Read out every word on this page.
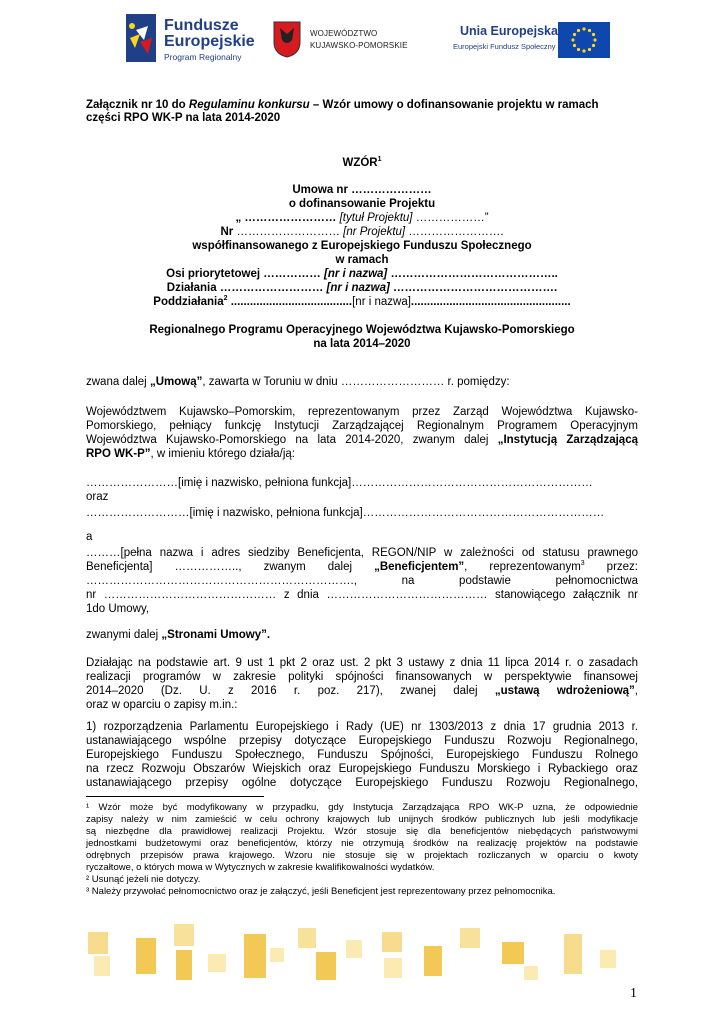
Fundusze
Europejskie
Program Regionalny
WOJEWÓDZTWO
KUJAWSKO-POMORSKIE
Unia Europejska
Europejski Fundusz Społeczny
Załącznik nr 10 do Regulaminu konkursu – Wzór umowy o dofinansowanie projektu w ramach
części RPO WK-P na lata 2014-2020
WZÓR$^1$
Umowa nr …………………
o dofinansowanie Projektu
„ …………………… [tytuł Projektu] ………………”
Nr ……………………… [nr Projektu] …………………….
współfinansowanego z Europejskiego Funduszu Społecznego
w ramach
Osi priorytetowej …………… [nr i nazwa] ……………………………………..
Działania ……………………… [nr i nazwa] …………………………………….
Poddziałania$^2$ ......................................[nr i nazwa]..................................................
Regionalnego Programu Operacyjnego Województwa Kujawsko-Pomorskiego
na lata 2014–2020
zwana dalej „Umową”, zawarta w Toruniu w dniu ……………………… r. pomiędzy:
Województwem Kujawsko–Pomorskim, reprezentowanym przez Zarząd Województwa Kujawsko-
Pomorskiego, pełniący funkcję Instytucji Zarządzającej Regionalnym Programem Operacyjnym
Województwa Kujawsko-Pomorskiego na lata 2014-2020, zwanym dalej „Instytucją Zarządzającą
RPO WK-P”, w imieniu którego działa/ją:
……………………[imię i nazwisko, pełniona funkcja]………………………………………………………
oraz
………………………[imię i nazwisko, pełniona funkcja]………………………………………………………
a
………[pełna nazwa i adres siedziby Beneficjenta, REGON/NIP w zależności od statusu prawnego
Beneficjenta] …………….., zwanym dalej „Beneficjentem”, reprezentowanym$^3$ przez:
……………………………………………………………., na podstawie pełnomocnictwa
nr ……………………………………… z dnia …………………………………… stanowiącego załącznik nr
1do Umowy,
zwanymi dalej „Stronami Umowy”.
Działając na podstawie art. 9 ust 1 pkt 2 oraz ust. 2 pkt 3 ustawy z dnia 11 lipca 2014 r. o zasadach
realizacji programów w zakresie polityki spójności finansowanych w perspektywie finansowej
2014–2020 (Dz. U. z 2016 r. poz. 217), zwanej dalej „ustawą wdrożeniową”,
oraz w oparciu o zapisy m.in.:
1) rozporządzenia Parlamentu Europejskiego i Rady (UE) nr 1303/2013 z dnia 17 grudnia 2013 r.
ustanawiającego wspólne przepisy dotyczące Europejskiego Funduszu Rozwoju Regionalnego,
Europejskiego Funduszu Społecznego, Funduszu Spójności, Europejskiego Funduszu Rolnego
na rzecz Rozwoju Obszarów Wiejskich oraz Europejskiego Funduszu Morskiego i Rybackiego oraz
ustanawiającego przepisy ogólne dotyczące Europejskiego Funduszu Rozwoju Regionalnego,
¹ Wzór może być modyfikowany w przypadku, gdy Instytucja Zarządzająca RPO WK-P uzna, że odpowiednie
zapisy należy w nim zamieścić w celu ochrony krajowych lub unijnych środków publicznych lub jeśli modyfikacje
są niezbędne dla prawidłowej realizacji Projektu. Wzór stosuje się dla beneficjentów niebędących państwowymi
jednostkami budżetowymi oraz beneficjentów, którzy nie otrzymują środków na realizację projektów na podstawie
odrębnych przepisów prawa krajowego. Wzoru nie stosuje się w projektach rozliczanych w oparciu o kwoty
ryczałtowe, o których mowa w Wytycznych w zakresie kwalifikowalności wydatków.
² Usunąć jeżeli nie dotyczy.
³ Należy przywołać pełnomocnictwo oraz je załączyć, jeśli Beneficjent jest reprezentowany przez pełnomocnika.
1
